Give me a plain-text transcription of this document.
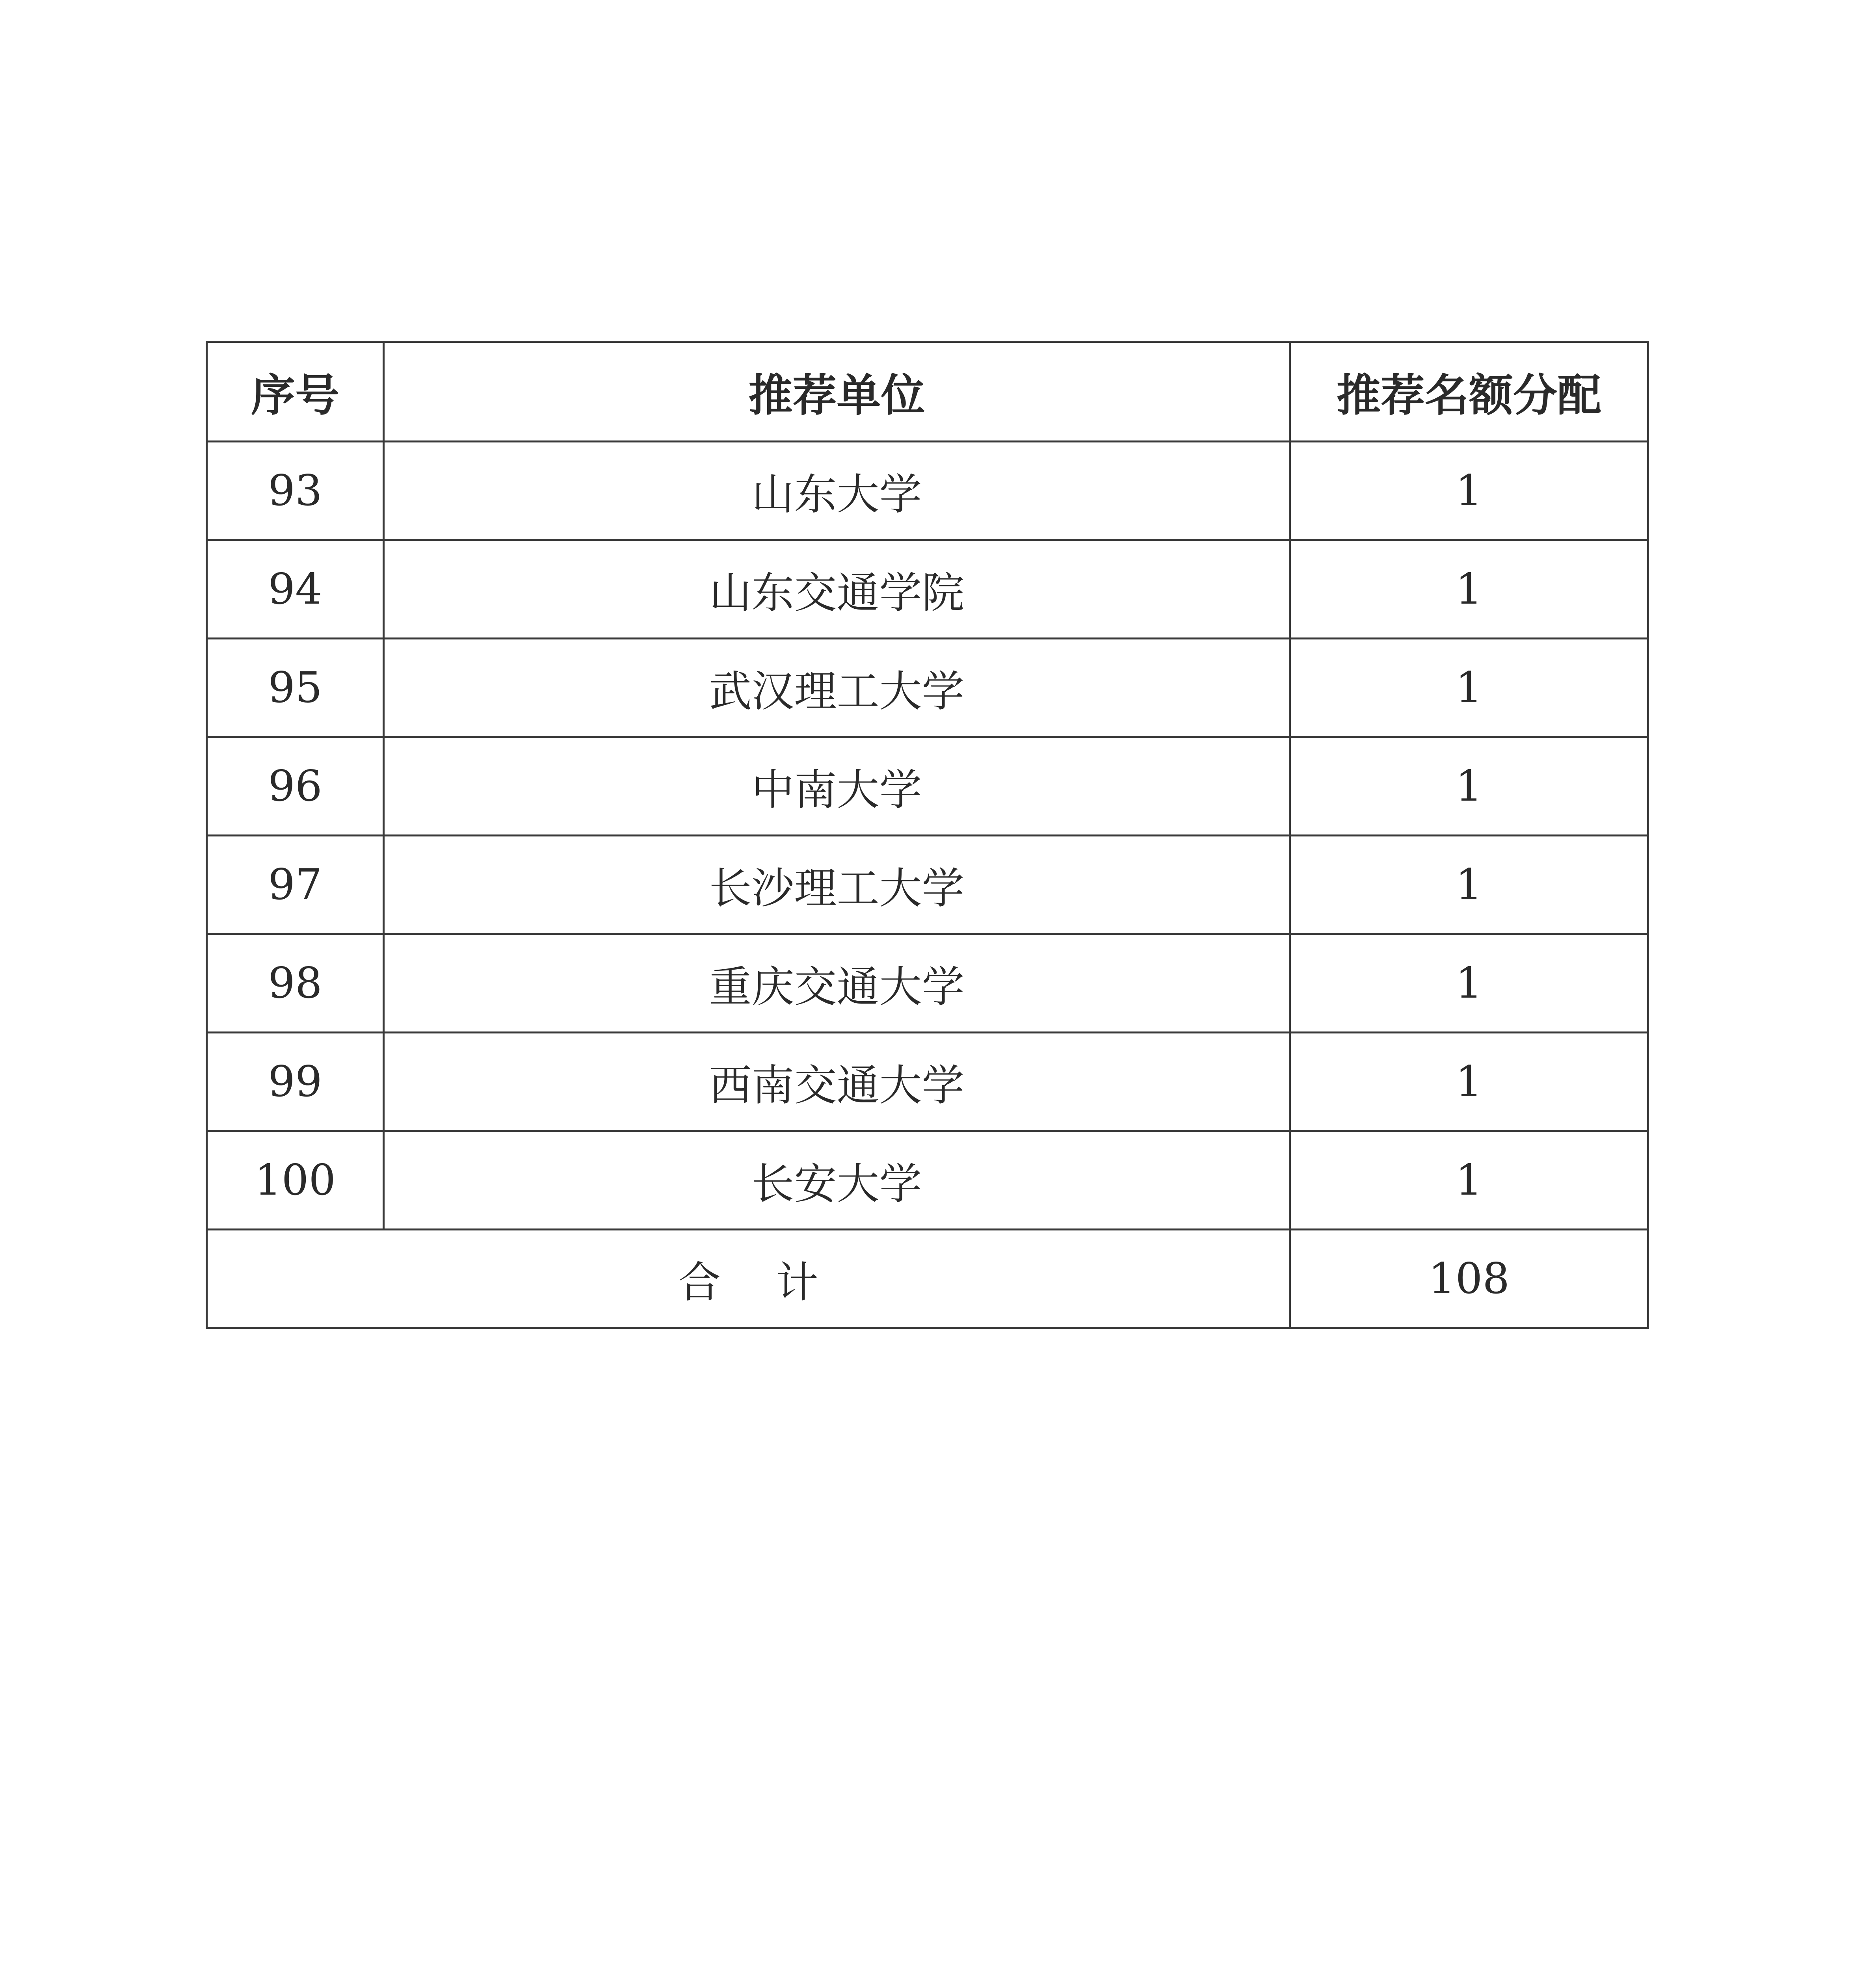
序号	推荐单位	推荐名额分配
93	山东大学	1
94	山东交通学院	1
95	武汉理工大学	1
96	中南大学	1
97	长沙理工大学	1
98	重庆交通大学	1
99	西南交通大学	1
100	长安大学	1
合计		108
